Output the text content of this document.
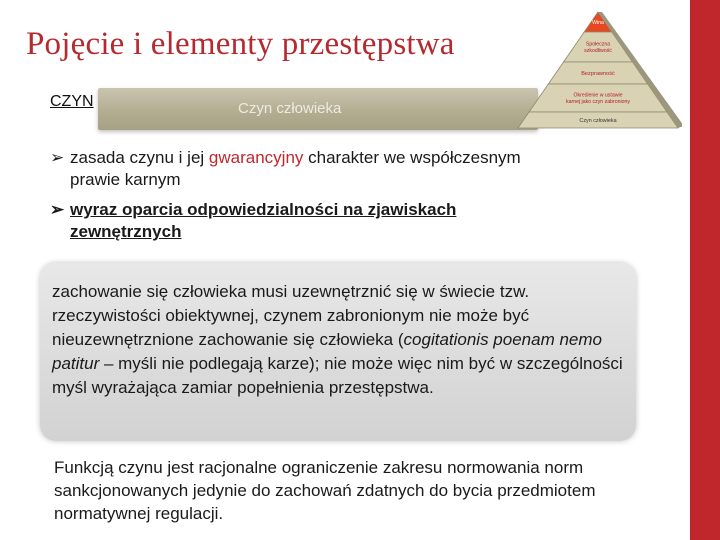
Pojęcie i elementy przestępstwa
Czyn człowieka
CZYN
Wina
Społeczna
szkodliwość
Bezprawność
Określenie w ustawie
karnej jako czyn zabroniony
Czyn człowieka
➢ zasada czynu i jej gwarancyjny charakter we współczesnym
prawie karnym
➢ wyraz oparcia odpowiedzialności na zjawiskach
zewnętrznych

zachowanie się człowieka musi uzewnętrznić się w świecie tzw. rzeczywistości obiektywnej, czynem zabronionym nie może być nieuzewnętrznione zachowanie się człowieka (cogitationis poenam nemo patitur – myśli nie podlegają karze); nie może więc nim być w szczególności myśl wyrażająca zamiar popełnienia przestępstwa.

Funkcją czynu jest racjonalne ograniczenie zakresu normowania norm sankcjonowanych jedynie do zachowań zdatnych do bycia przedmiotem normatywnej regulacji.
